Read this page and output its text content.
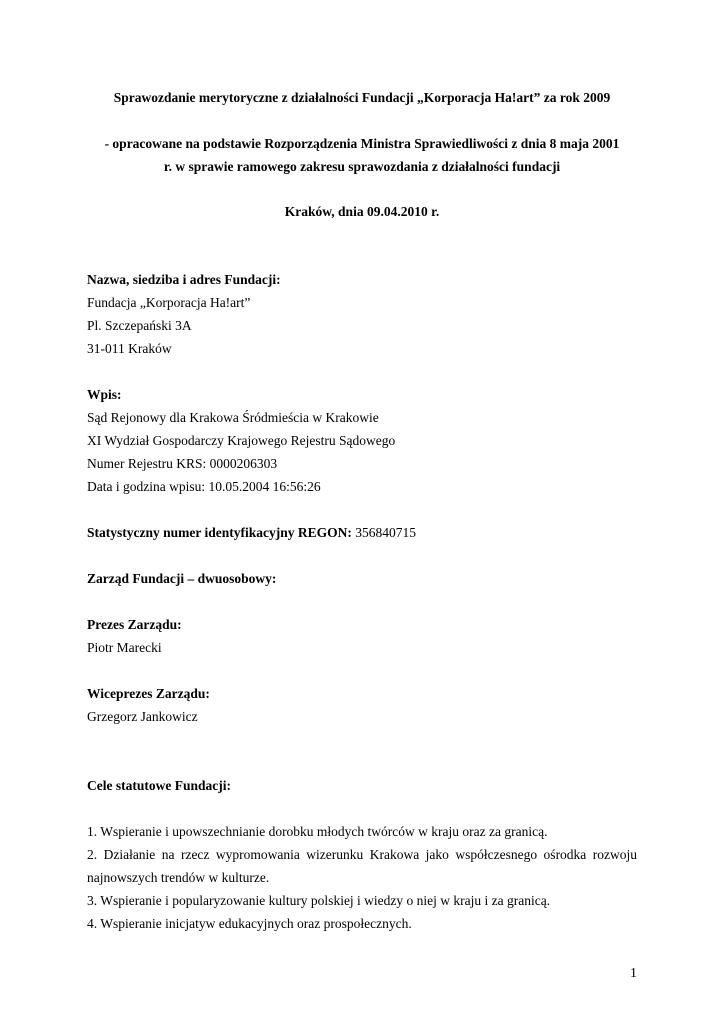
Sprawozdanie merytoryczne z działalności Fundacji „Korporacja Ha!art” za rok 2009
- opracowane na podstawie Rozporządzenia Ministra Sprawiedliwości z dnia 8 maja 2001
r. w sprawie ramowego zakresu sprawozdania z działalności fundacji
Kraków, dnia 09.04.2010 r.
Nazwa, siedziba i adres Fundacji:
Fundacja „Korporacja Ha!art”
Pl. Szczepański 3A
31-011 Kraków
Wpis:
Sąd Rejonowy dla Krakowa Śródmieścia w Krakowie
XI Wydział Gospodarczy Krajowego Rejestru Sądowego
Numer Rejestru KRS: 0000206303
Data i godzina wpisu: 10.05.2004 16:56:26
Statystyczny numer identyfikacyjny REGON: 356840715
Zarząd Fundacji – dwuosobowy:
Prezes Zarządu:
Piotr Marecki
Wiceprezes Zarządu:
Grzegorz Jankowicz
Cele statutowe Fundacji:
1. Wspieranie i upowszechnianie dorobku młodych twórców w kraju oraz za granicą.
2. Działanie na rzecz wypromowania wizerunku Krakowa jako współczesnego ośrodka rozwoju
najnowszych trendów w kulturze.
3. Wspieranie i popularyzowanie kultury polskiej i wiedzy o niej w kraju i za granicą.
4. Wspieranie inicjatyw edukacyjnych oraz prospołecznych.
1
